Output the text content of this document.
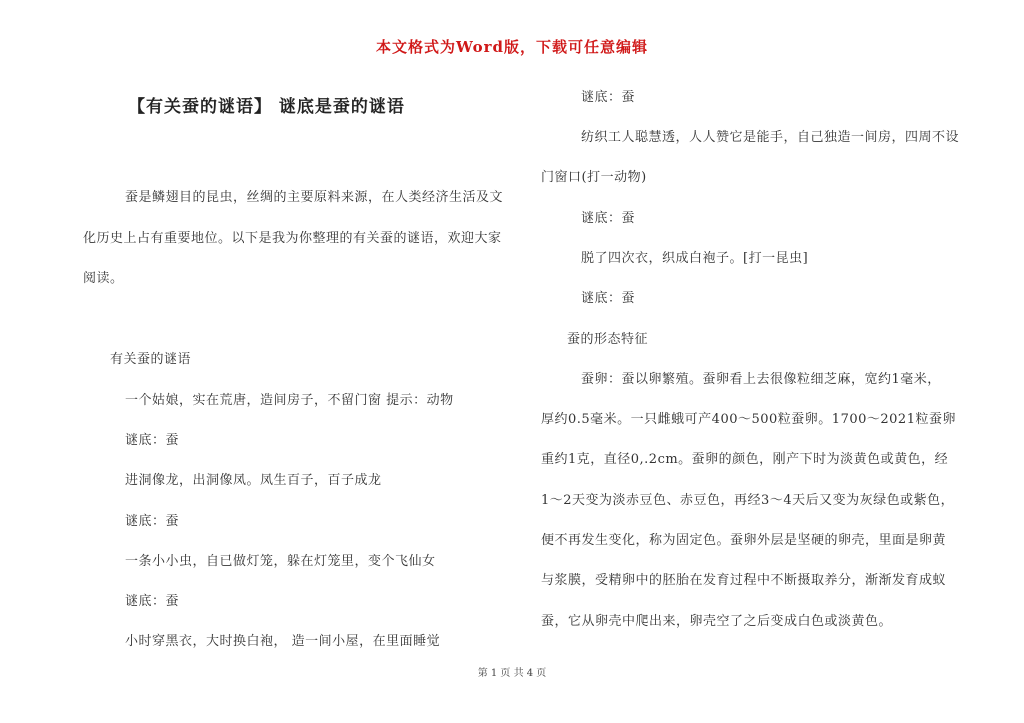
本文格式为Word版，下载可任意编辑
【有关蚕的谜语】 谜底是蚕的谜语
蚕是鳞翅目的昆虫，丝绸的主要原料来源，在人类经济生活及文
化历史上占有重要地位。以下是我为你整理的有关蚕的谜语，欢迎大家
阅读。
有关蚕的谜语
一个姑娘，实在荒唐，造间房子，不留门窗 提示：动物
谜底：蚕
进洞像龙，出洞像凤。凤生百子，百子成龙
谜底：蚕
一条小小虫，自已做灯笼，躲在灯笼里，变个飞仙女
谜底：蚕
小时穿黑衣，大时换白袍， 造一间小屋，在里面睡觉
谜底：蚕
纺织工人聪慧透，人人赞它是能手，自己独造一间房，四周不设
门窗口(打一动物)
谜底：蚕
脱了四次衣，织成白袍子。[打一昆虫]
谜底：蚕
蚕的形态特征
蚕卵：蚕以卵繁殖。蚕卵看上去很像粒细芝麻，宽约1毫米，
厚约0.5毫米。一只雌蛾可产400～500粒蚕卵。1700～2021粒蚕卵
重约1克，直径0,.2cm。蚕卵的颜色，刚产下时为淡黄色或黄色，经
1～2天变为淡赤豆色、赤豆色，再经3～4天后又变为灰绿色或紫色，
便不再发生变化，称为固定色。蚕卵外层是坚硬的卵壳，里面是卵黄
与浆膜，受精卵中的胚胎在发育过程中不断摄取养分，渐渐发育成蚁
蚕，它从卵壳中爬出来，卵壳空了之后变成白色或淡黄色。
第 1 页 共 4 页
